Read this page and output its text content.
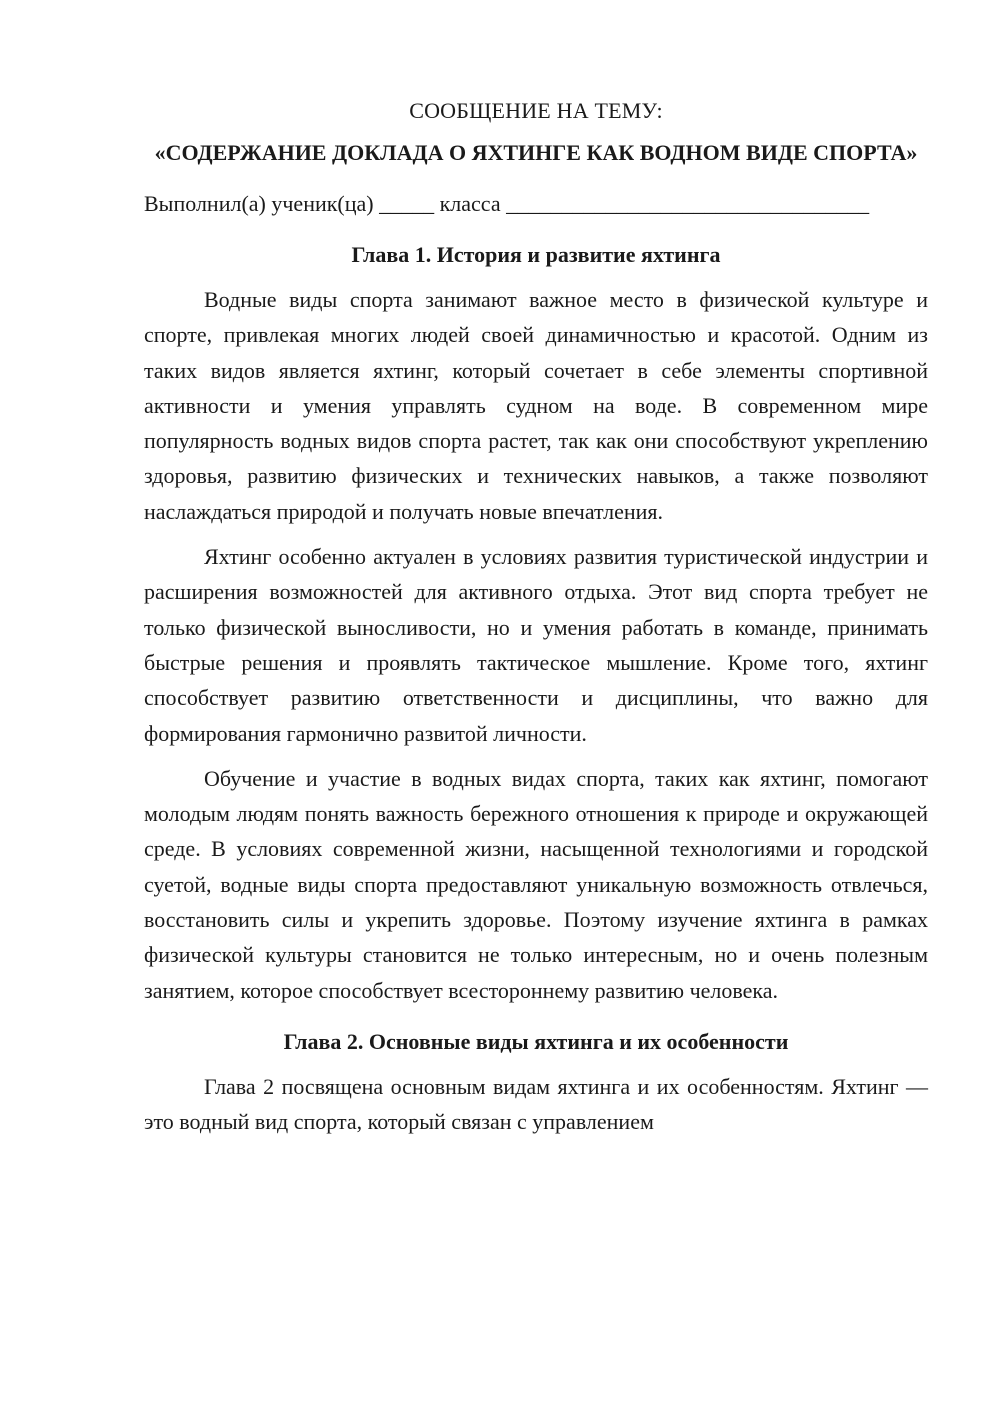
СООБЩЕНИЕ НА ТЕМУ:

«СОДЕРЖАНИЕ ДОКЛАДА О ЯХТИНГЕ КАК ВОДНОМ ВИДЕ СПОРТА»

Выполнил(а) ученик(ца) _____ класса _________________________________

Глава 1. История и развитие яхтинга

Водные виды спорта занимают важное место в физической культуре и спорте, привлекая многих людей своей динамичностью и красотой. Одним из таких видов является яхтинг, который сочетает в себе элементы спортивной активности и умения управлять судном на воде. В современном мире популярность водных видов спорта растет, так как они способствуют укреплению здоровья, развитию физических и технических навыков, а также позволяют наслаждаться природой и получать новые впечатления.

Яхтинг особенно актуален в условиях развития туристической индустрии и расширения возможностей для активного отдыха. Этот вид спорта требует не только физической выносливости, но и умения работать в команде, принимать быстрые решения и проявлять тактическое мышление. Кроме того, яхтинг способствует развитию ответственности и дисциплины, что важно для формирования гармонично развитой личности.

Обучение и участие в водных видах спорта, таких как яхтинг, помогают молодым людям понять важность бережного отношения к природе и окружающей среде. В условиях современной жизни, насыщенной технологиями и городской суетой, водные виды спорта предоставляют уникальную возможность отвлечься, восстановить силы и укрепить здоровье. Поэтому изучение яхтинга в рамках физической культуры становится не только интересным, но и очень полезным занятием, которое способствует всестороннему развитию человека.

Глава 2. Основные виды яхтинга и их особенности

Глава 2 посвящена основным видам яхтинга и их особенностям. Яхтинг — это водный вид спорта, который связан с управлением
